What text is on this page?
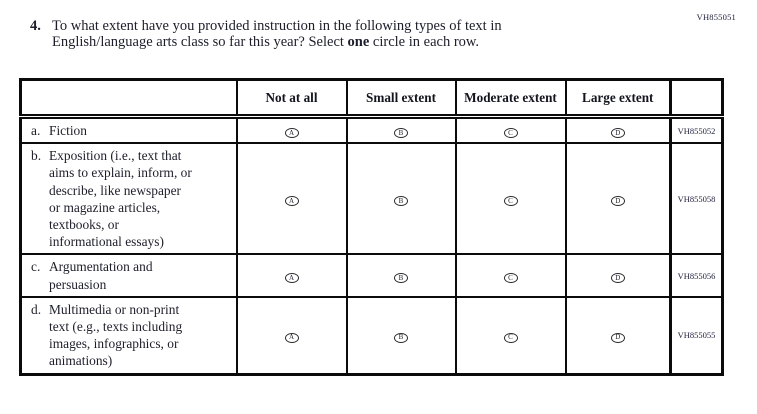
VH855051
4. To what extent have you provided instruction in the following types of text in
English/language arts class so far this year? Select one circle in each row.
	Not at all	Small extent	Moderate extent	Large extent	

a. Fiction	A	B	C	D	VH855052

b. Exposition (i.e., text that
aims to explain, inform, or
describe, like newspaper
or magazine articles,
textbooks, or
informational essays)
	A	B	C	D	VH855058

c. Argumentation and
persuasion	A	B	C	D	VH855056

d. Multimedia or non-print
text (e.g., texts including
images, infographics, or
animations)	A	B	C	D	VH855055
